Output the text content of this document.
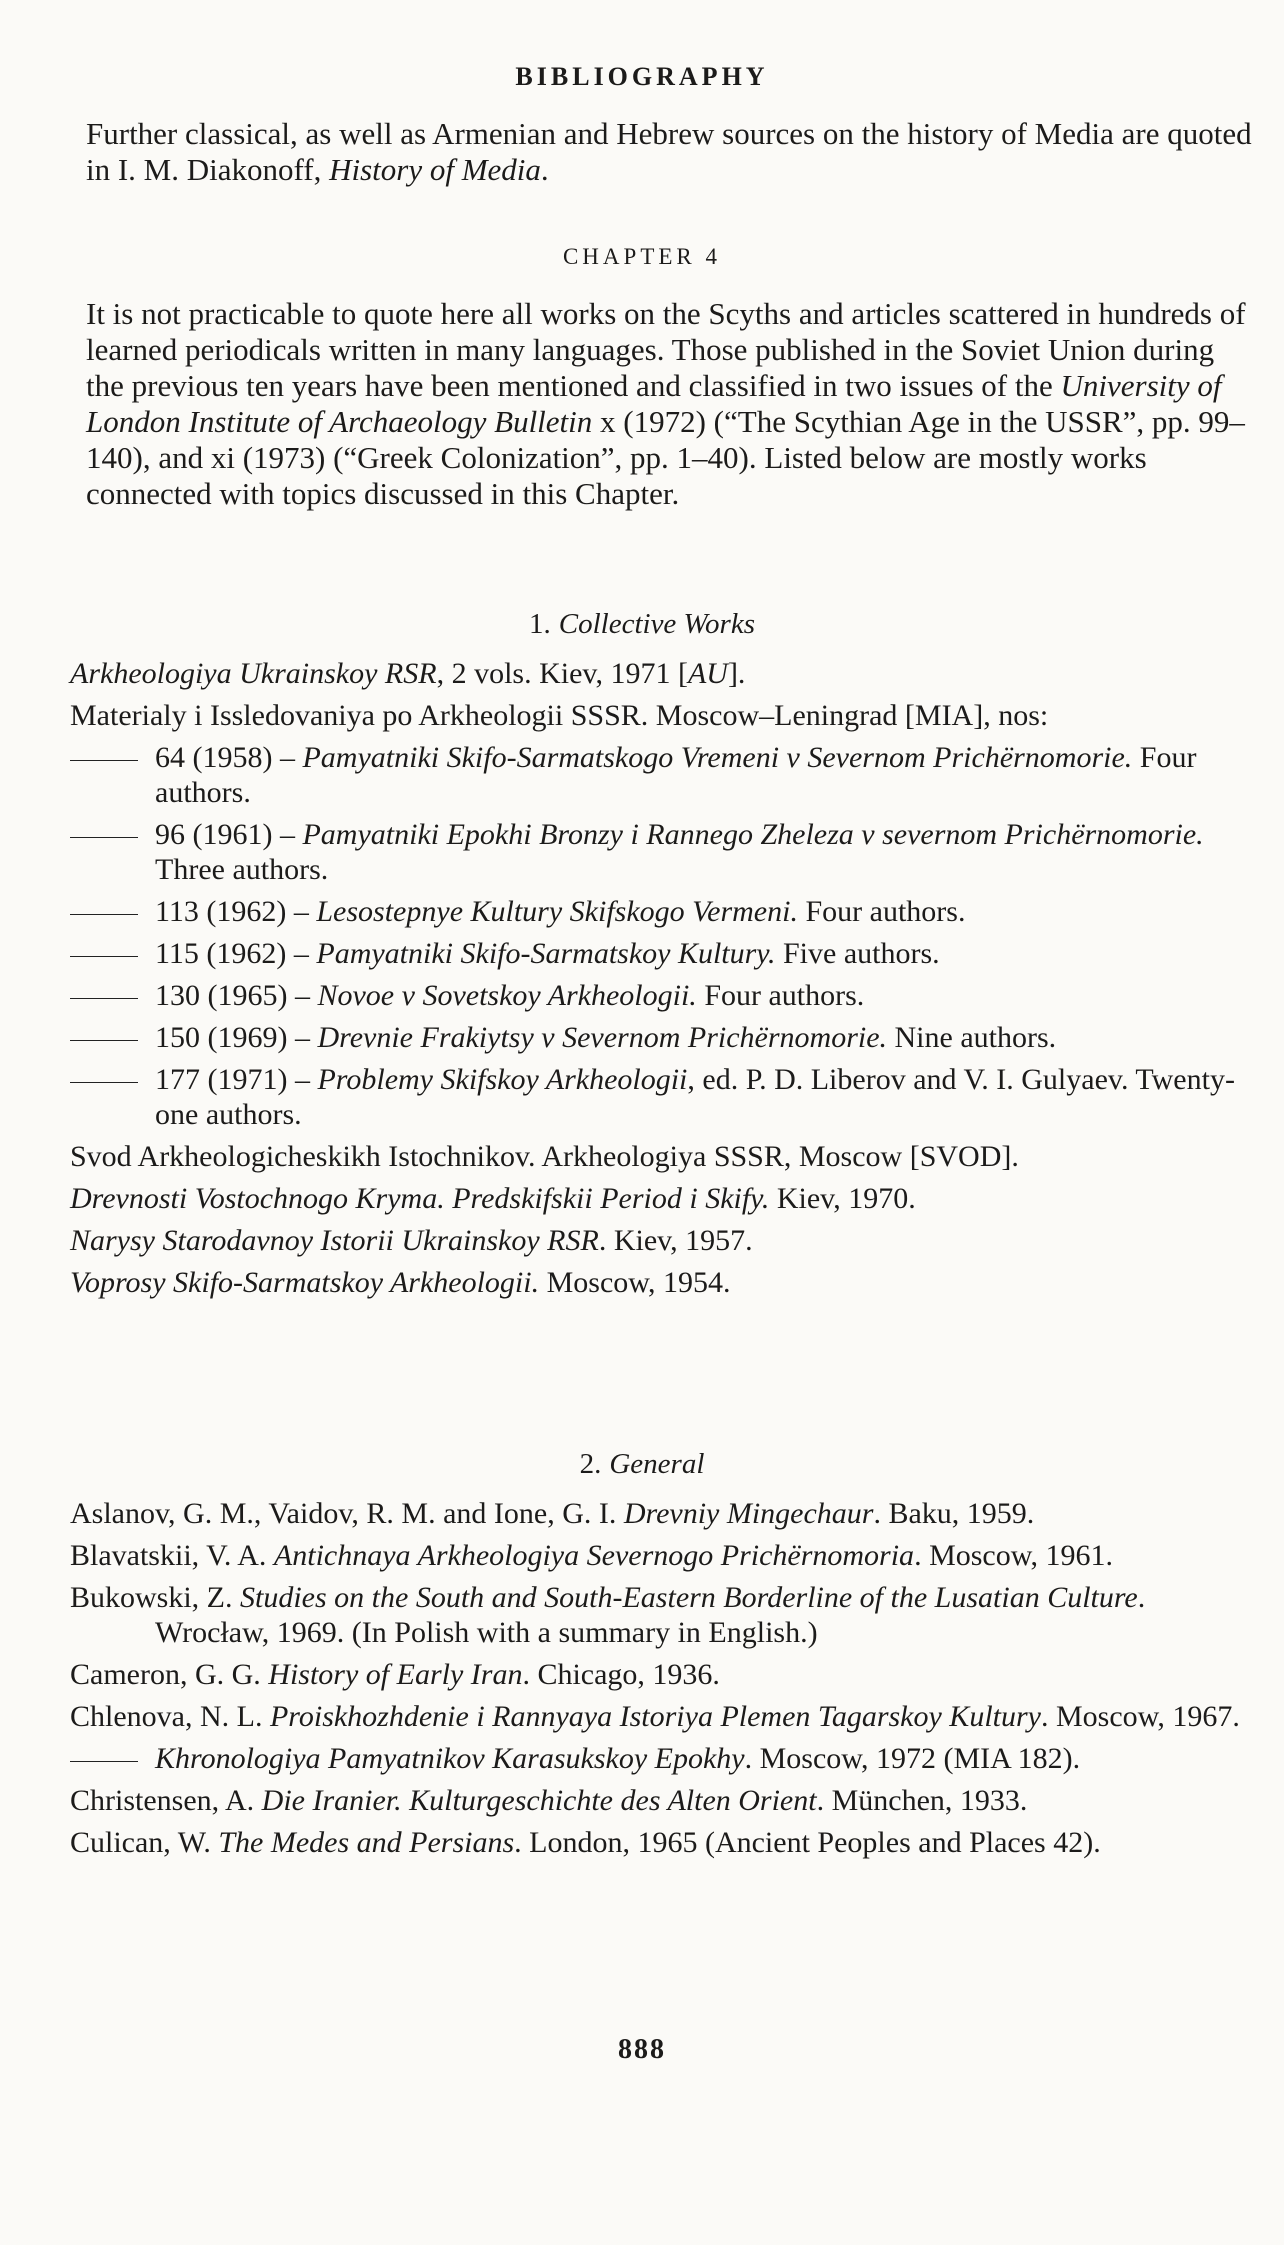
BIBLIOGRAPHY
Further classical, as well as Armenian and Hebrew sources on the history of Media are quoted in I. M. Diakonoff, History of Media.
CHAPTER 4
It is not practicable to quote here all works on the Scyths and articles scattered in hundreds of learned periodicals written in many languages. Those published in the Soviet Union during the previous ten years have been mentioned and classified in two issues of the University of London Institute of Archaeology Bulletin x (1972) (“The Scythian Age in the USSR”, pp. 99–140), and xi (1973) (“Greek Colonization”, pp. 1–40). Listed below are mostly works connected with topics discussed in this Chapter.
1. Collective Works
Arkheologiya Ukrainskoy RSR, 2 vols. Kiev, 1971 [AU].
Materialy i Issledovaniya po Arkheologii SSSR. Moscow–Leningrad [MIA], nos:
64 (1958) – Pamyatniki Skifo-Sarmatskogo Vremeni v Severnom Prichërnomorie. Four authors.
96 (1961) – Pamyatniki Epokhi Bronzy i Rannego Zheleza v severnom Prichërnomorie. Three authors.
113 (1962) – Lesostepnye Kultury Skifskogo Vermeni. Four authors.
115 (1962) – Pamyatniki Skifo-Sarmatskoy Kultury. Five authors.
130 (1965) – Novoe v Sovetskoy Arkheologii. Four authors.
150 (1969) – Drevnie Frakiytsy v Severnom Prichërnomorie. Nine authors.
177 (1971) – Problemy Skifskoy Arkheologii, ed. P. D. Liberov and V. I. Gulyaev. Twenty-one authors.
Svod Arkheologicheskikh Istochnikov. Arkheologiya SSSR, Moscow [SVOD].
Drevnosti Vostochnogo Kryma. Predskifskii Period i Skify. Kiev, 1970.
Narysy Starodavnoy Istorii Ukrainskoy RSR. Kiev, 1957.
Voprosy Skifo-Sarmatskoy Arkheologii. Moscow, 1954.
2. General
Aslanov, G. M., Vaidov, R. M. and Ione, G. I. Drevniy Mingechaur. Baku, 1959.
Blavatskii, V. A. Antichnaya Arkheologiya Severnogo Prichërnomoria. Moscow, 1961.
Bukowski, Z. Studies on the South and South-Eastern Borderline of the Lusatian Culture. Wrocław, 1969. (In Polish with a summary in English.)
Cameron, G. G. History of Early Iran. Chicago, 1936.
Chlenova, N. L. Proiskhozhdenie i Rannyaya Istoriya Plemen Tagarskoy Kultury. Moscow, 1967.
Khronologiya Pamyatnikov Karasukskoy Epokhy. Moscow, 1972 (MIA 182).
Christensen, A. Die Iranier. Kulturgeschichte des Alten Orient. München, 1933.
Culican, W. The Medes and Persians. London, 1965 (Ancient Peoples and Places 42).
888
